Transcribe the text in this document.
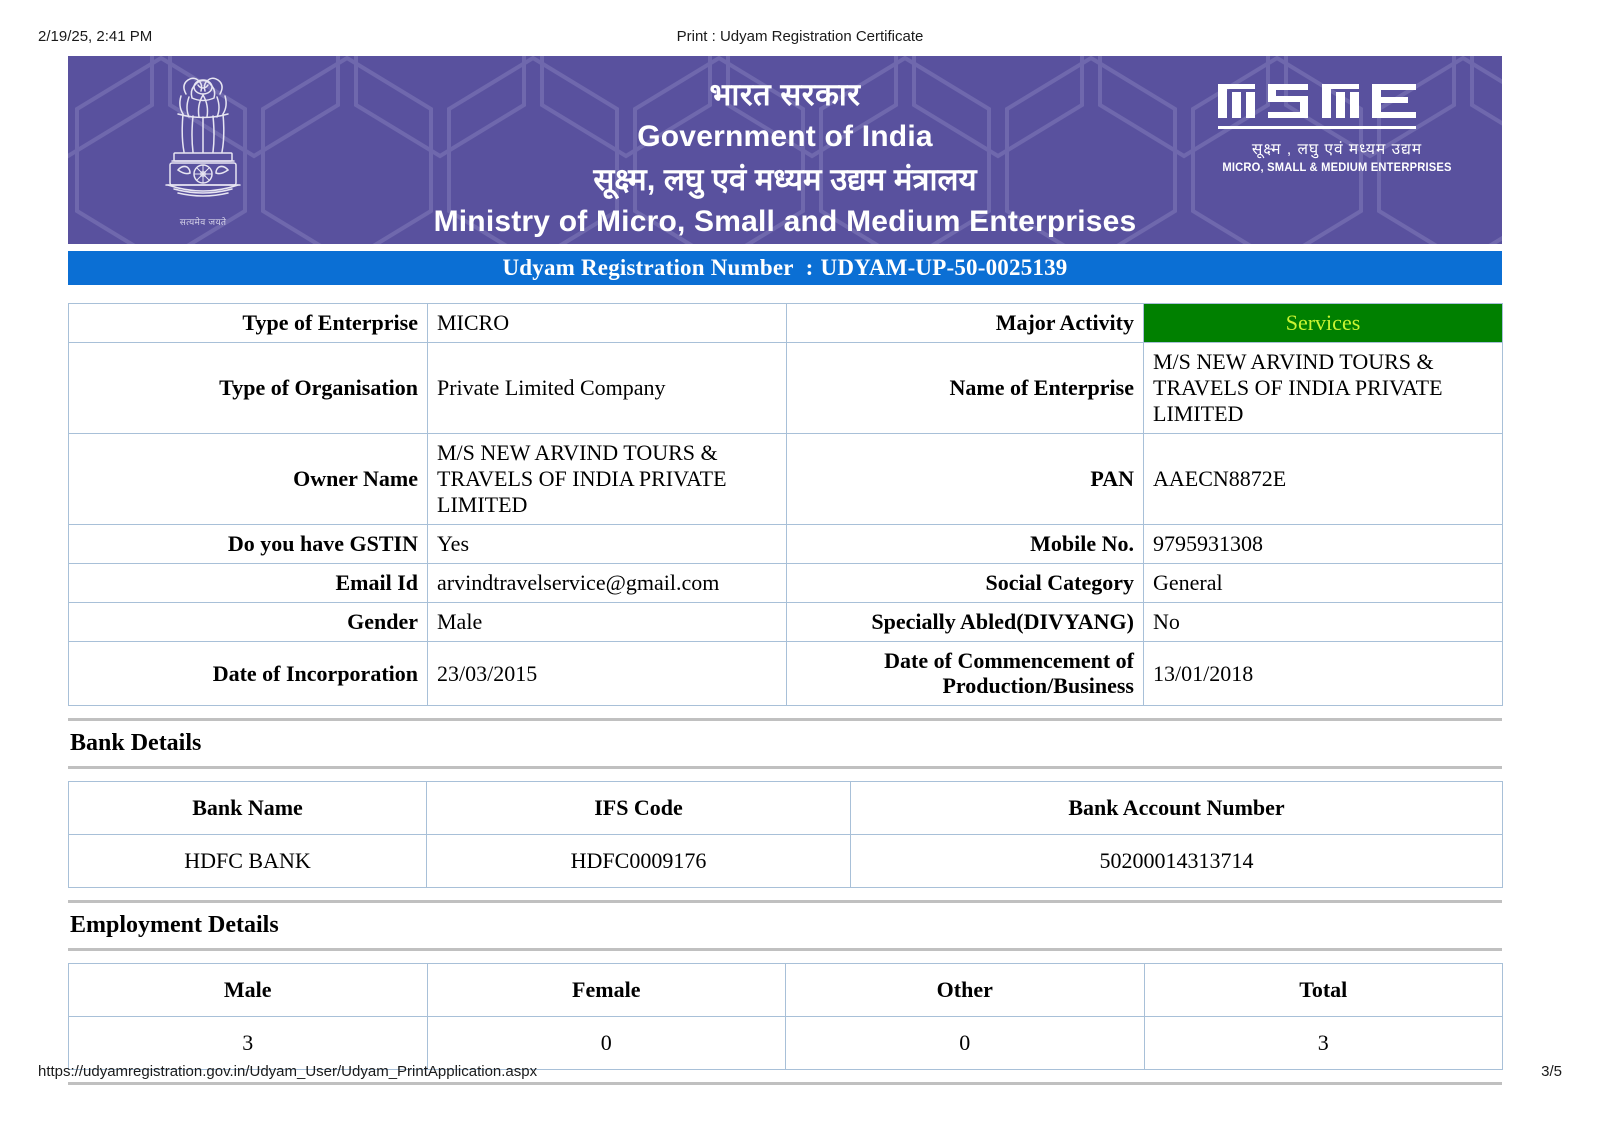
2/19/25, 2:41 PM	Print : Udyam Registration Certificate
सत्यमेव जयते
भारत सरकार
Government of India
सूक्ष्म, लघु एवं मध्यम उद्यम मंत्रालय
Ministry of Micro, Small and Medium Enterprises
सूक्ष्म , लघु एवं मध्यम उद्यम
MICRO, SMALL & MEDIUM ENTERPRISES
Udyam Registration Number : UDYAM-UP-50-0025139
Type of Enterprise	MICRO	Major Activity	Services
Type of Organisation	Private Limited Company	Name of Enterprise	M/S NEW ARVIND TOURS & TRAVELS OF INDIA PRIVATE LIMITED
Owner Name	M/S NEW ARVIND TOURS & TRAVELS OF INDIA PRIVATE LIMITED	PAN	AAECN8872E
Do you have GSTIN	Yes	Mobile No.	9795931308
Email Id	arvindtravelservice@gmail.com	Social Category	General
Gender	Male	Specially Abled(DIVYANG)	No
Date of Incorporation	23/03/2015	Date of Commencement of Production/Business	13/01/2018
Bank Details
Bank Name	IFS Code	Bank Account Number
HDFC BANK	HDFC0009176	50200014313714
Employment Details
Male	Female	Other	Total
3	0	0	3
https://udyamregistration.gov.in/Udyam_User/Udyam_PrintApplication.aspx	3/5
